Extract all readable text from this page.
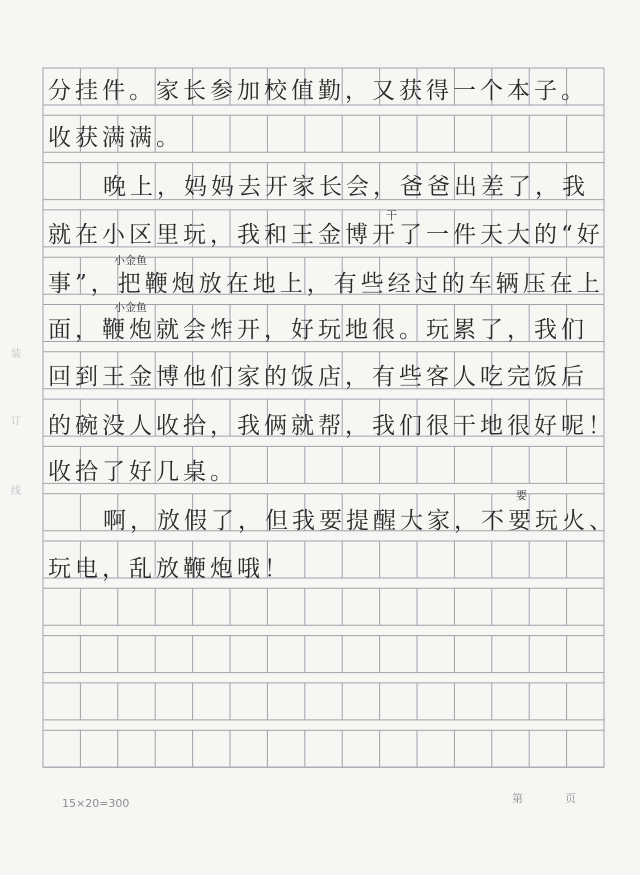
装
订
线
分挂件。家长参加校值勤，又获得一个本子。
收获满满。
　晚上，妈妈去开家长会，爸爸出差了，我
就在小区里玩，我和王金博开了一件天大的“好
事”，把鞭炮放在地上，有些经过的车辆压在上
面，鞭炮就会炸开，好玩地很。玩累了，我们
回到王金博他们家的饭店，有些客人吃完饭后
的碗没人收拾，我俩就帮，我们很干地很好呢！
收拾了好几桌。
　啊，放假了，但我要提醒大家，不要玩火、
玩电，乱放鞭炮哦！
干
小金鱼
小金鱼
要
15×20=300	第	页
